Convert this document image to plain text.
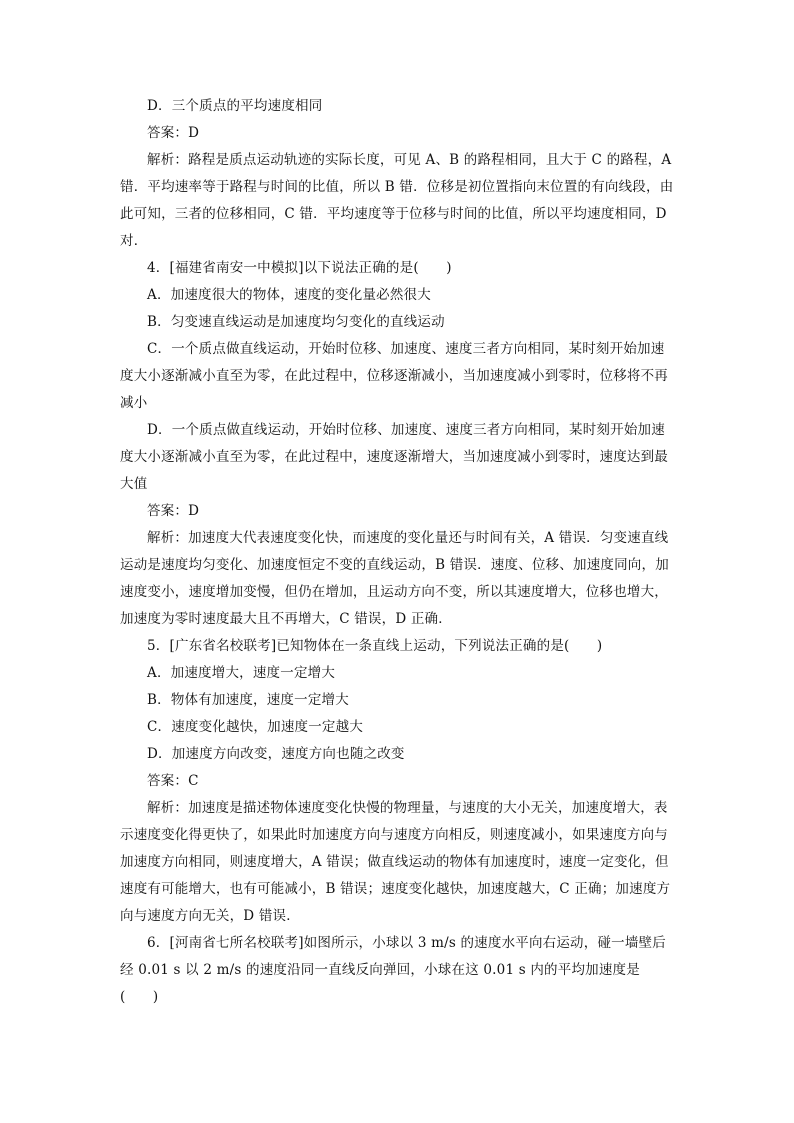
D．三个质点的平均速度相同

答案：D

解析：路程是质点运动轨迹的实际长度，可见 A、B 的路程相同，且大于 C 的路程，A 错．平均速率等于路程与时间的比值，所以 B 错．位移是初位置指向末位置的有向线段，由此可知，三者的位移相同，C 错．平均速度等于位移与时间的比值，所以平均速度相同，D 对．

4．[福建省南安一中模拟]以下说法正确的是(　　)

A．加速度很大的物体，速度的变化量必然很大

B．匀变速直线运动是加速度均匀变化的直线运动

C．一个质点做直线运动，开始时位移、加速度、速度三者方向相同，某时刻开始加速度大小逐渐减小直至为零，在此过程中，位移逐渐减小，当加速度减小到零时，位移将不再减小

D．一个质点做直线运动，开始时位移、加速度、速度三者方向相同，某时刻开始加速度大小逐渐减小直至为零，在此过程中，速度逐渐增大，当加速度减小到零时，速度达到最大值

答案：D

解析：加速度大代表速度变化快，而速度的变化量还与时间有关，A 错误．匀变速直线运动是速度均匀变化、加速度恒定不变的直线运动，B 错误．速度、位移、加速度同向，加速度变小，速度增加变慢，但仍在增加，且运动方向不变，所以其速度增大，位移也增大，加速度为零时速度最大且不再增大，C 错误，D 正确．

5．[广东省名校联考]已知物体在一条直线上运动，下列说法正确的是(　　)

A．加速度增大，速度一定增大

B．物体有加速度，速度一定增大

C．速度变化越快，加速度一定越大

D．加速度方向改变，速度方向也随之改变

答案：C

解析：加速度是描述物体速度变化快慢的物理量，与速度的大小无关，加速度增大，表示速度变化得更快了，如果此时加速度方向与速度方向相反，则速度减小，如果速度方向与加速度方向相同，则速度增大，A 错误；做直线运动的物体有加速度时，速度一定变化，但速度有可能增大，也有可能减小，B 错误；速度变化越快，加速度越大，C 正确；加速度方向与速度方向无关，D 错误．

6．[河南省七所名校联考]如图所示，小球以 3 m/s 的速度水平向右运动，碰一墙壁后经 0.01 s 以 2 m/s 的速度沿同一直线反向弹回，小球在这 0.01 s 内的平均加速度是(　　)
